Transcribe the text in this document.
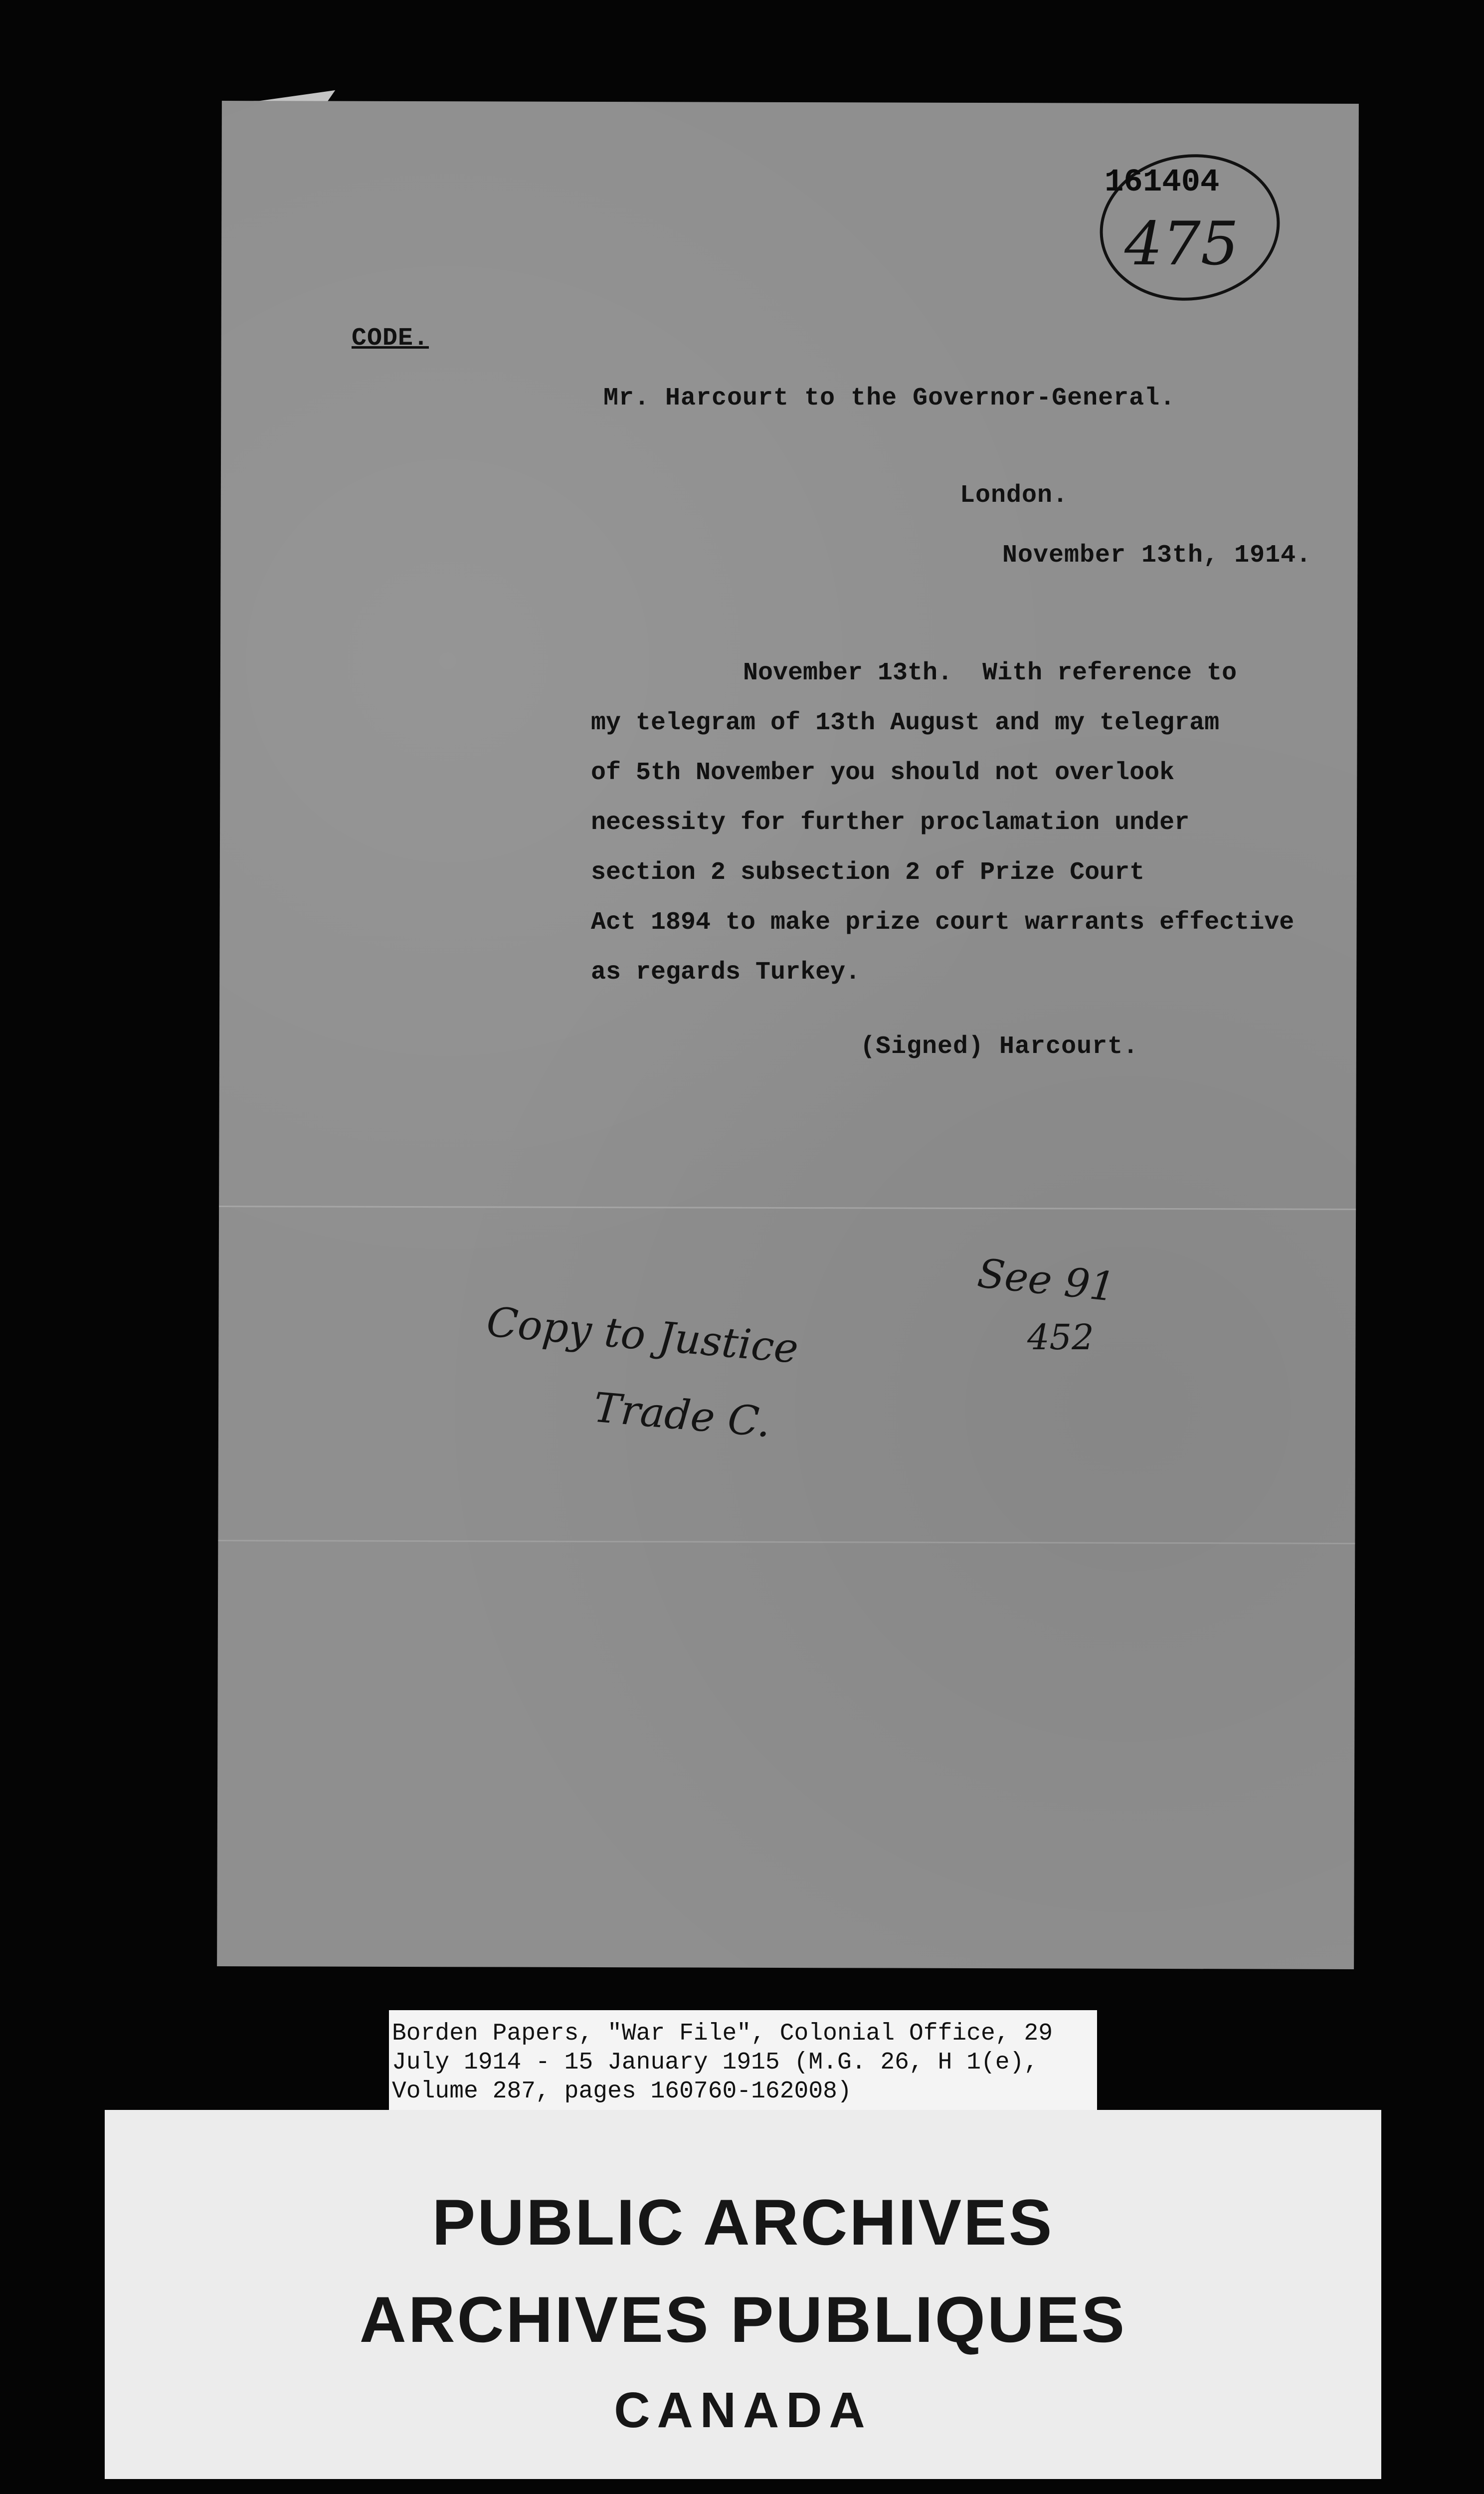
161404
475
CODE.
Mr. Harcourt to the Governor-General.
London.
November 13th, 1914.
November 13th.  With reference to
my telegram of 13th August and my telegram
of 5th November you should not overlook
necessity for further proclamation under
section 2 subsection 2 of Prize Court
Act 1894 to make prize court warrants effective
as regards Turkey.
(Signed) Harcourt.
See 91
452
Copy to Justice
Trade C.
Borden Papers, "War File", Colonial Office, 29
July 1914 - 15 January 1915 (M.G. 26, H 1(e),
Volume 287, pages 160760-162008)
PUBLIC ARCHIVES
ARCHIVES PUBLIQUES
CANADA
